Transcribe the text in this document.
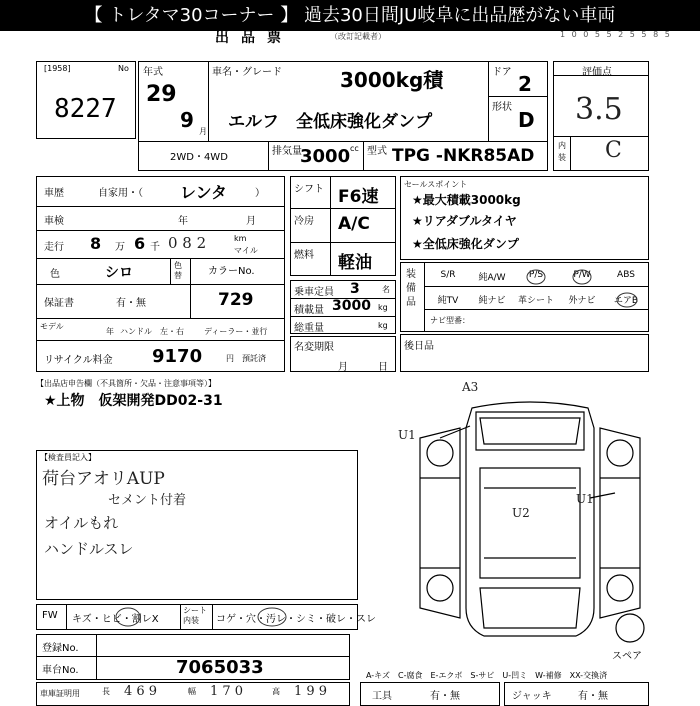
【 トレタマ30コーナー 】 過去30日間JU岐阜に出品歴がない車両
出品票	（改訂記載者）	1 0 0 5 5 2 5 5 8 5
[1958]	No
8227
年式
29
9 月
車名・グレード	3000kg積
エルフ　全低床強化ダンプ
ドア 2
形状
D
2WD・4WD
排気量
3000 cc 型式 TPG -NKR85AD
評価点
3.5
内装 C
車歴	自家用・（ レンタ	）
車検	年	月
走行 8 万 6 千 0 8 2	km
マイル
色	シロ	色替	カラーNo.
保証書	有・無	729
モデル
年 ハンドル　左・右	ディーラー・並行
リサイクル料金 9170	円 預託済
シフト F6速
冷房 A/C
燃料 軽油
乗車定員 3	名
積載量 3000 kg
総重量	kg
名変期限
月	日
セールスポイント
★最大積載3000kg
★リアダブルタイヤ
★全低床強化ダンプ
装備品
S/R	純A/W	P/S	P/W	ABS
純TV	純ナビ	革シート	外ナビ	エアB
ナビ型番：
後日品
【出品店申告欄（不具箇所・欠品・注意事項等）】
★上物　仮架開発DD02-31
【検査員記入】
荷台アオリAUP
セメント付着
オイルもれ
ハンドルスレ
A3
U1
U2
U1
スペア
FW キズ・ヒビ・割レX
シート内装	コゲ・穴・汚レ・シミ・破レ・スレ
登録No.
車台No.	7065033
車庫証明用	長 4 6 9	幅 1 7 0	高 1 9 9
A-キズ　C-腐食　E-エクボ　S-サビ　U-凹ミ　W-補修　XX-交換済
工具	有・無	ジャッキ	有・無
